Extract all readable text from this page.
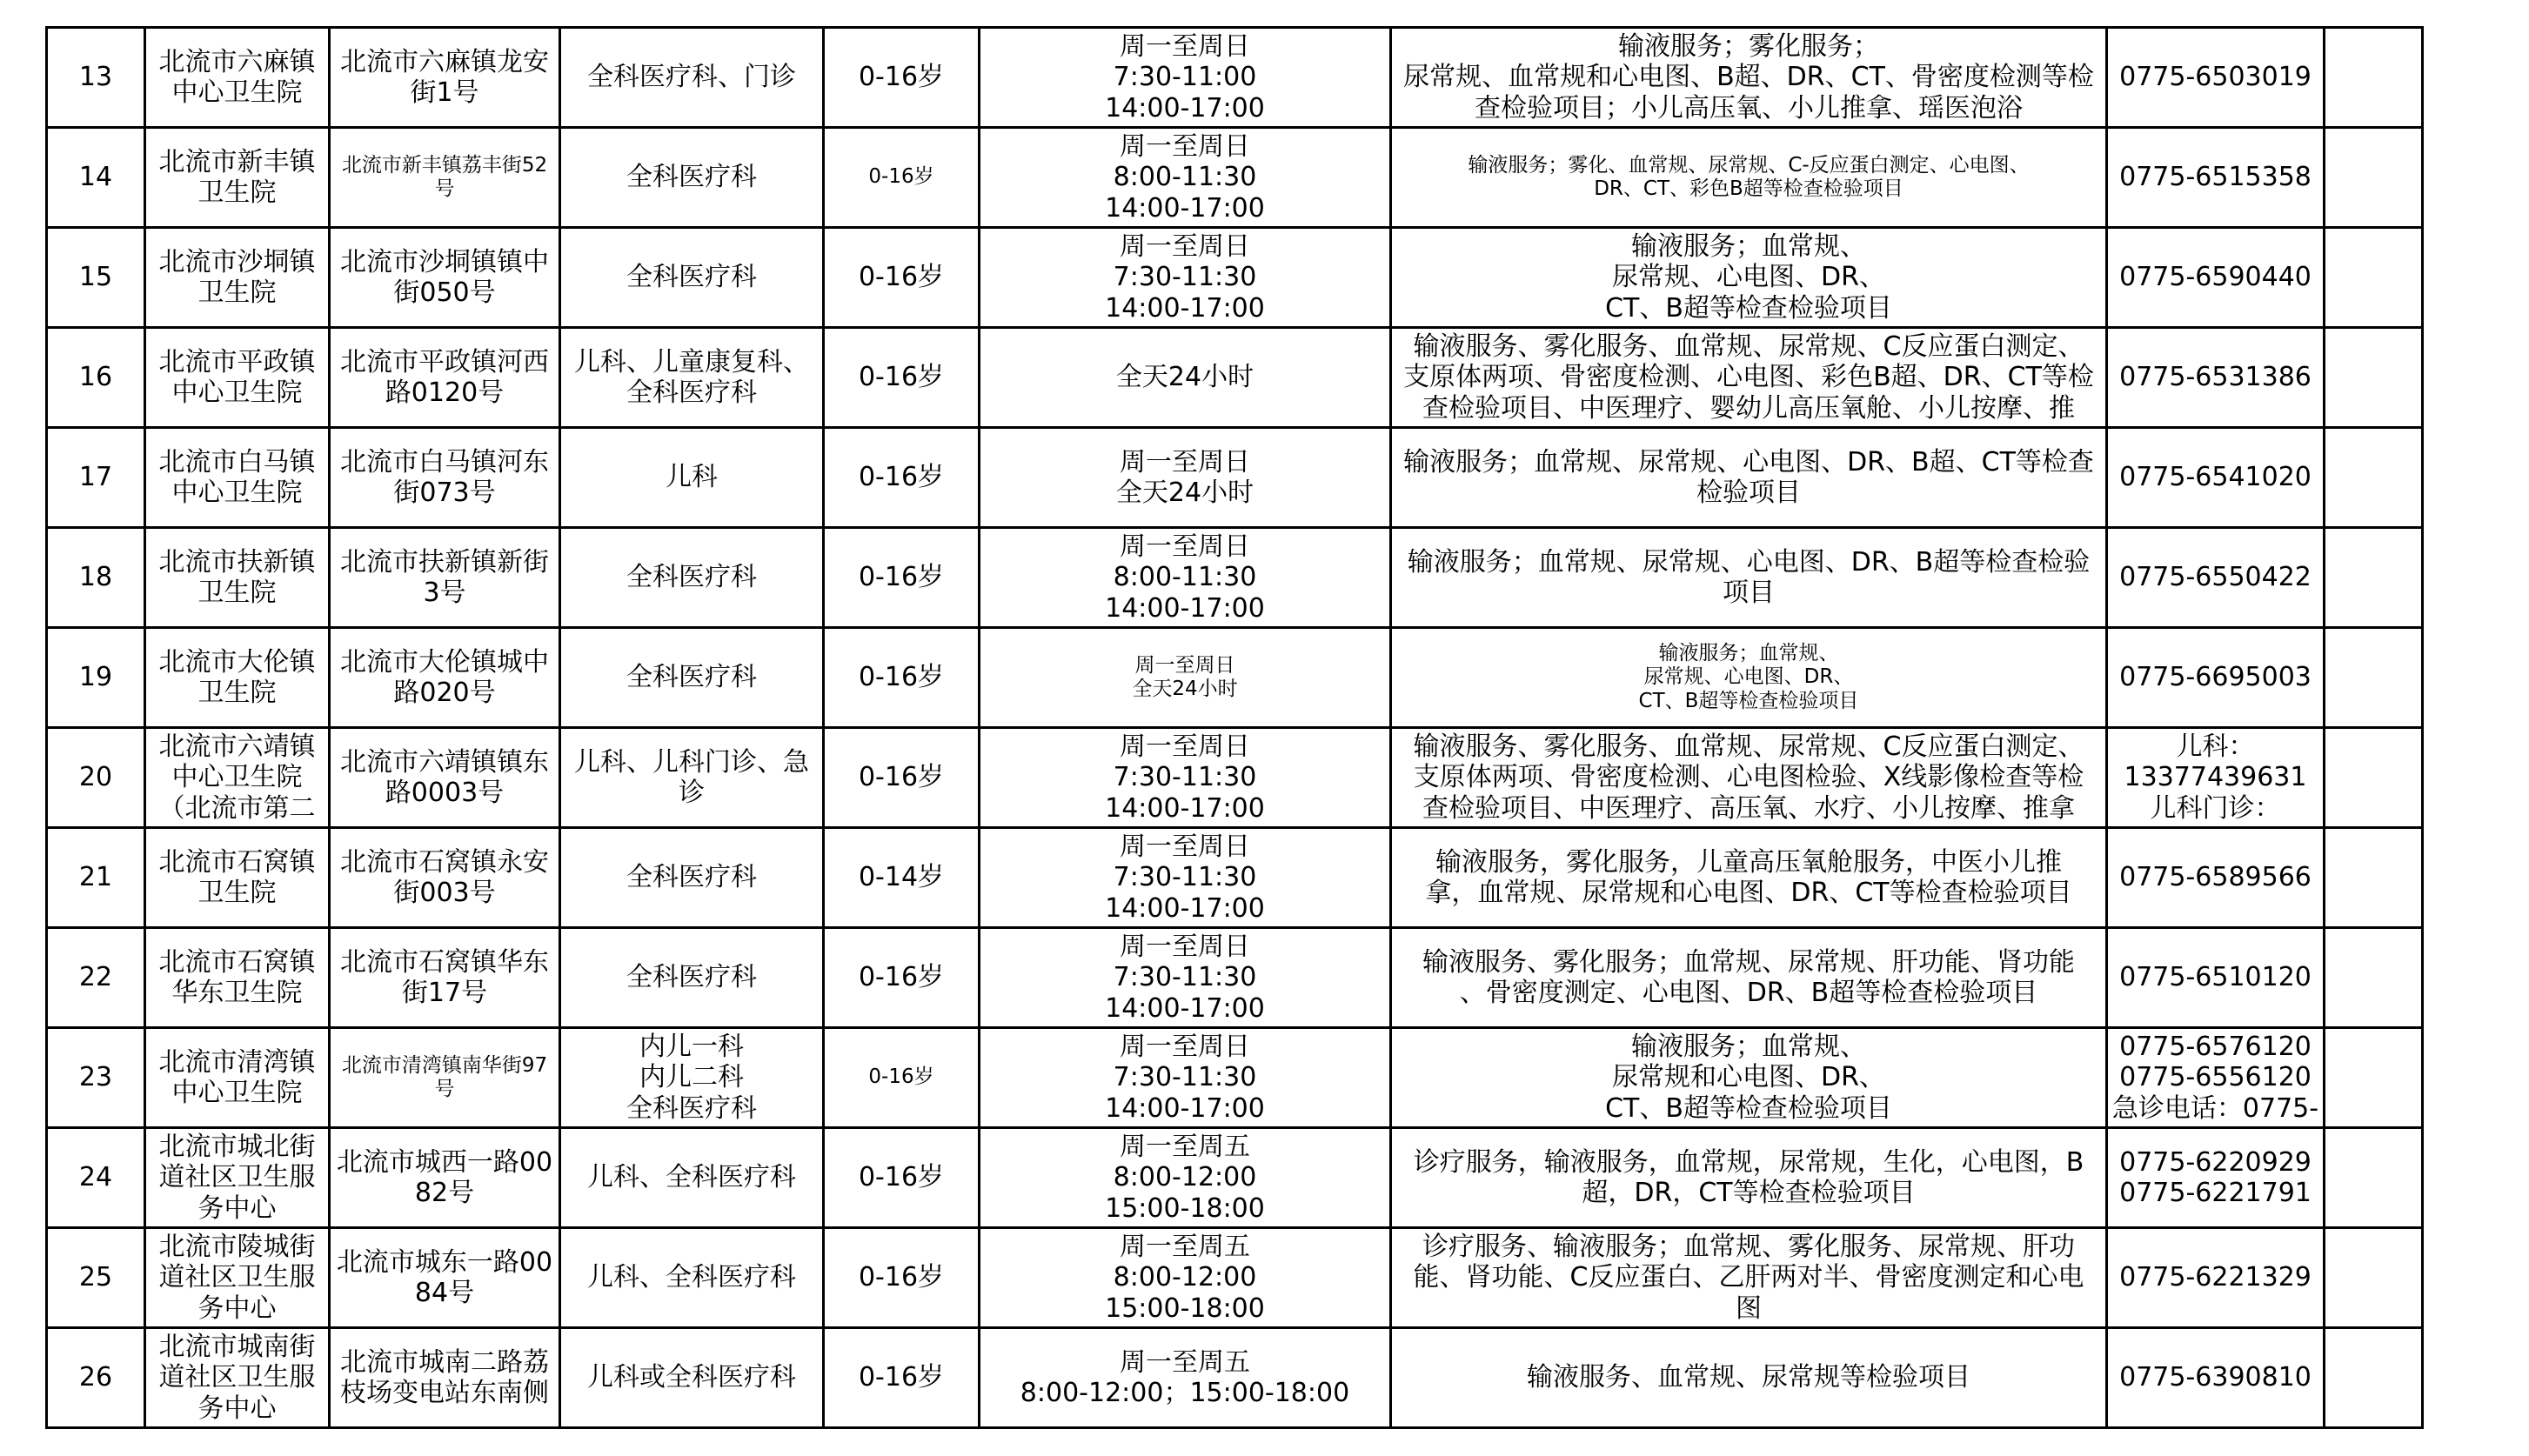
13	北流市六麻镇中心卫生院	北流市六麻镇龙安街1号	全科医疗科、门诊	0-16岁	周一至周日
7:30-11:00
14:00-17:00	输液服务；雾化服务；
尿常规、血常规和心电图、B超、DR、CT、骨密度检测等检
查检验项目；小儿高压氧、小儿推拿、瑶医泡浴	0775-6503019	

14	北流市新丰镇卫生院	北流市新丰镇荔丰街52号	全科医疗科	0-16岁	周一至周日
8:00-11:30
14:00-17:00	输液服务；雾化、血常规、尿常规、C-反应蛋白测定、心电图、
DR、CT、彩色B超等检查检验项目	0775-6515358	

15	北流市沙垌镇卫生院	北流市沙垌镇镇中街050号	全科医疗科	0-16岁	周一至周日
7:30-11:30
14:00-17:00	输液服务；血常规、
尿常规、心电图、DR、
CT、B超等检查检验项目	0775-6590440	

16	北流市平政镇中心卫生院	北流市平政镇河西路0120号	儿科、儿童康复科、全科医疗科	0-16岁	全天24小时	输液服务、雾化服务、血常规、尿常规、C反应蛋白测定、
支原体两项、骨密度检测、心电图、彩色B超、DR、CT等检
查检验项目、中医理疗、婴幼儿高压氧舱、小儿按摩、推	0775-6531386	

17	北流市白马镇中心卫生院	北流市白马镇河东街073号	儿科	0-16岁	周一至周日
全天24小时	输液服务；血常规、尿常规、心电图、DR、B超、CT等检查
检验项目	0775-6541020	

18	北流市扶新镇卫生院	北流市扶新镇新街3号	全科医疗科	0-16岁	周一至周日
8:00-11:30
14:00-17:00	输液服务；血常规、尿常规、心电图、DR、B超等检查检验
项目	0775-6550422	

19	北流市大伦镇卫生院	北流市大伦镇城中路020号	全科医疗科	0-16岁	周一至周日
全天24小时	输液服务；血常规、
尿常规、心电图、DR、
CT、B超等检查检验项目	0775-6695003	

20	北流市六靖镇中心卫生院（北流市第二	北流市六靖镇镇东路0003号	儿科、儿科门诊、急诊	0-16岁	周一至周日
7:30-11:30
14:00-17:00	输液服务、雾化服务、血常规、尿常规、C反应蛋白测定、
支原体两项、骨密度检测、心电图检验、X线影像检查等检
查检验项目、中医理疗、高压氧、水疗、小儿按摩、推拿	儿科：
13377439631
儿科门诊：	

21	北流市石窝镇卫生院	北流市石窝镇永安街003号	全科医疗科	0-14岁	周一至周日
7:30-11:30
14:00-17:00	输液服务，雾化服务，儿童高压氧舱服务，中医小儿推
拿，血常规、尿常规和心电图、DR、CT等检查检验项目	0775-6589566	

22	北流市石窝镇华东卫生院	北流市石窝镇华东街17号	全科医疗科	0-16岁	周一至周日
7:30-11:30
14:00-17:00	输液服务、雾化服务；血常规、尿常规、肝功能、肾功能
、骨密度测定、心电图、DR、B超等检查检验项目	0775-6510120	

23	北流市清湾镇中心卫生院	北流市清湾镇南华街97号	内儿一科
内儿二科
全科医疗科	0-16岁	周一至周日
7:30-11:30
14:00-17:00	输液服务；血常规、
尿常规和心电图、DR、
CT、B超等检查检验项目	0775-6576120
0775-6556120
急诊电话：0775-	

24	北流市城北街道社区卫生服务中心	北流市城西一路0082号	儿科、全科医疗科	0-16岁	周一至周五
8:00-12:00
15:00-18:00	诊疗服务，输液服务，血常规，尿常规，生化，心电图，B
超，DR，CT等检查检验项目	0775-6220929
0775-6221791	

25	北流市陵城街道社区卫生服务中心	北流市城东一路0084号	儿科、全科医疗科	0-16岁	周一至周五
8:00-12:00
15:00-18:00	诊疗服务、输液服务；血常规、雾化服务、尿常规、肝功
能、肾功能、C反应蛋白、乙肝两对半、骨密度测定和心电
图	0775-6221329	

26	北流市城南街道社区卫生服务中心	北流市城南二路荔枝场变电站东南侧	儿科或全科医疗科	0-16岁	周一至周五
8:00-12:00；15:00-18:00	输液服务、血常规、尿常规等检验项目	0775-6390810	
